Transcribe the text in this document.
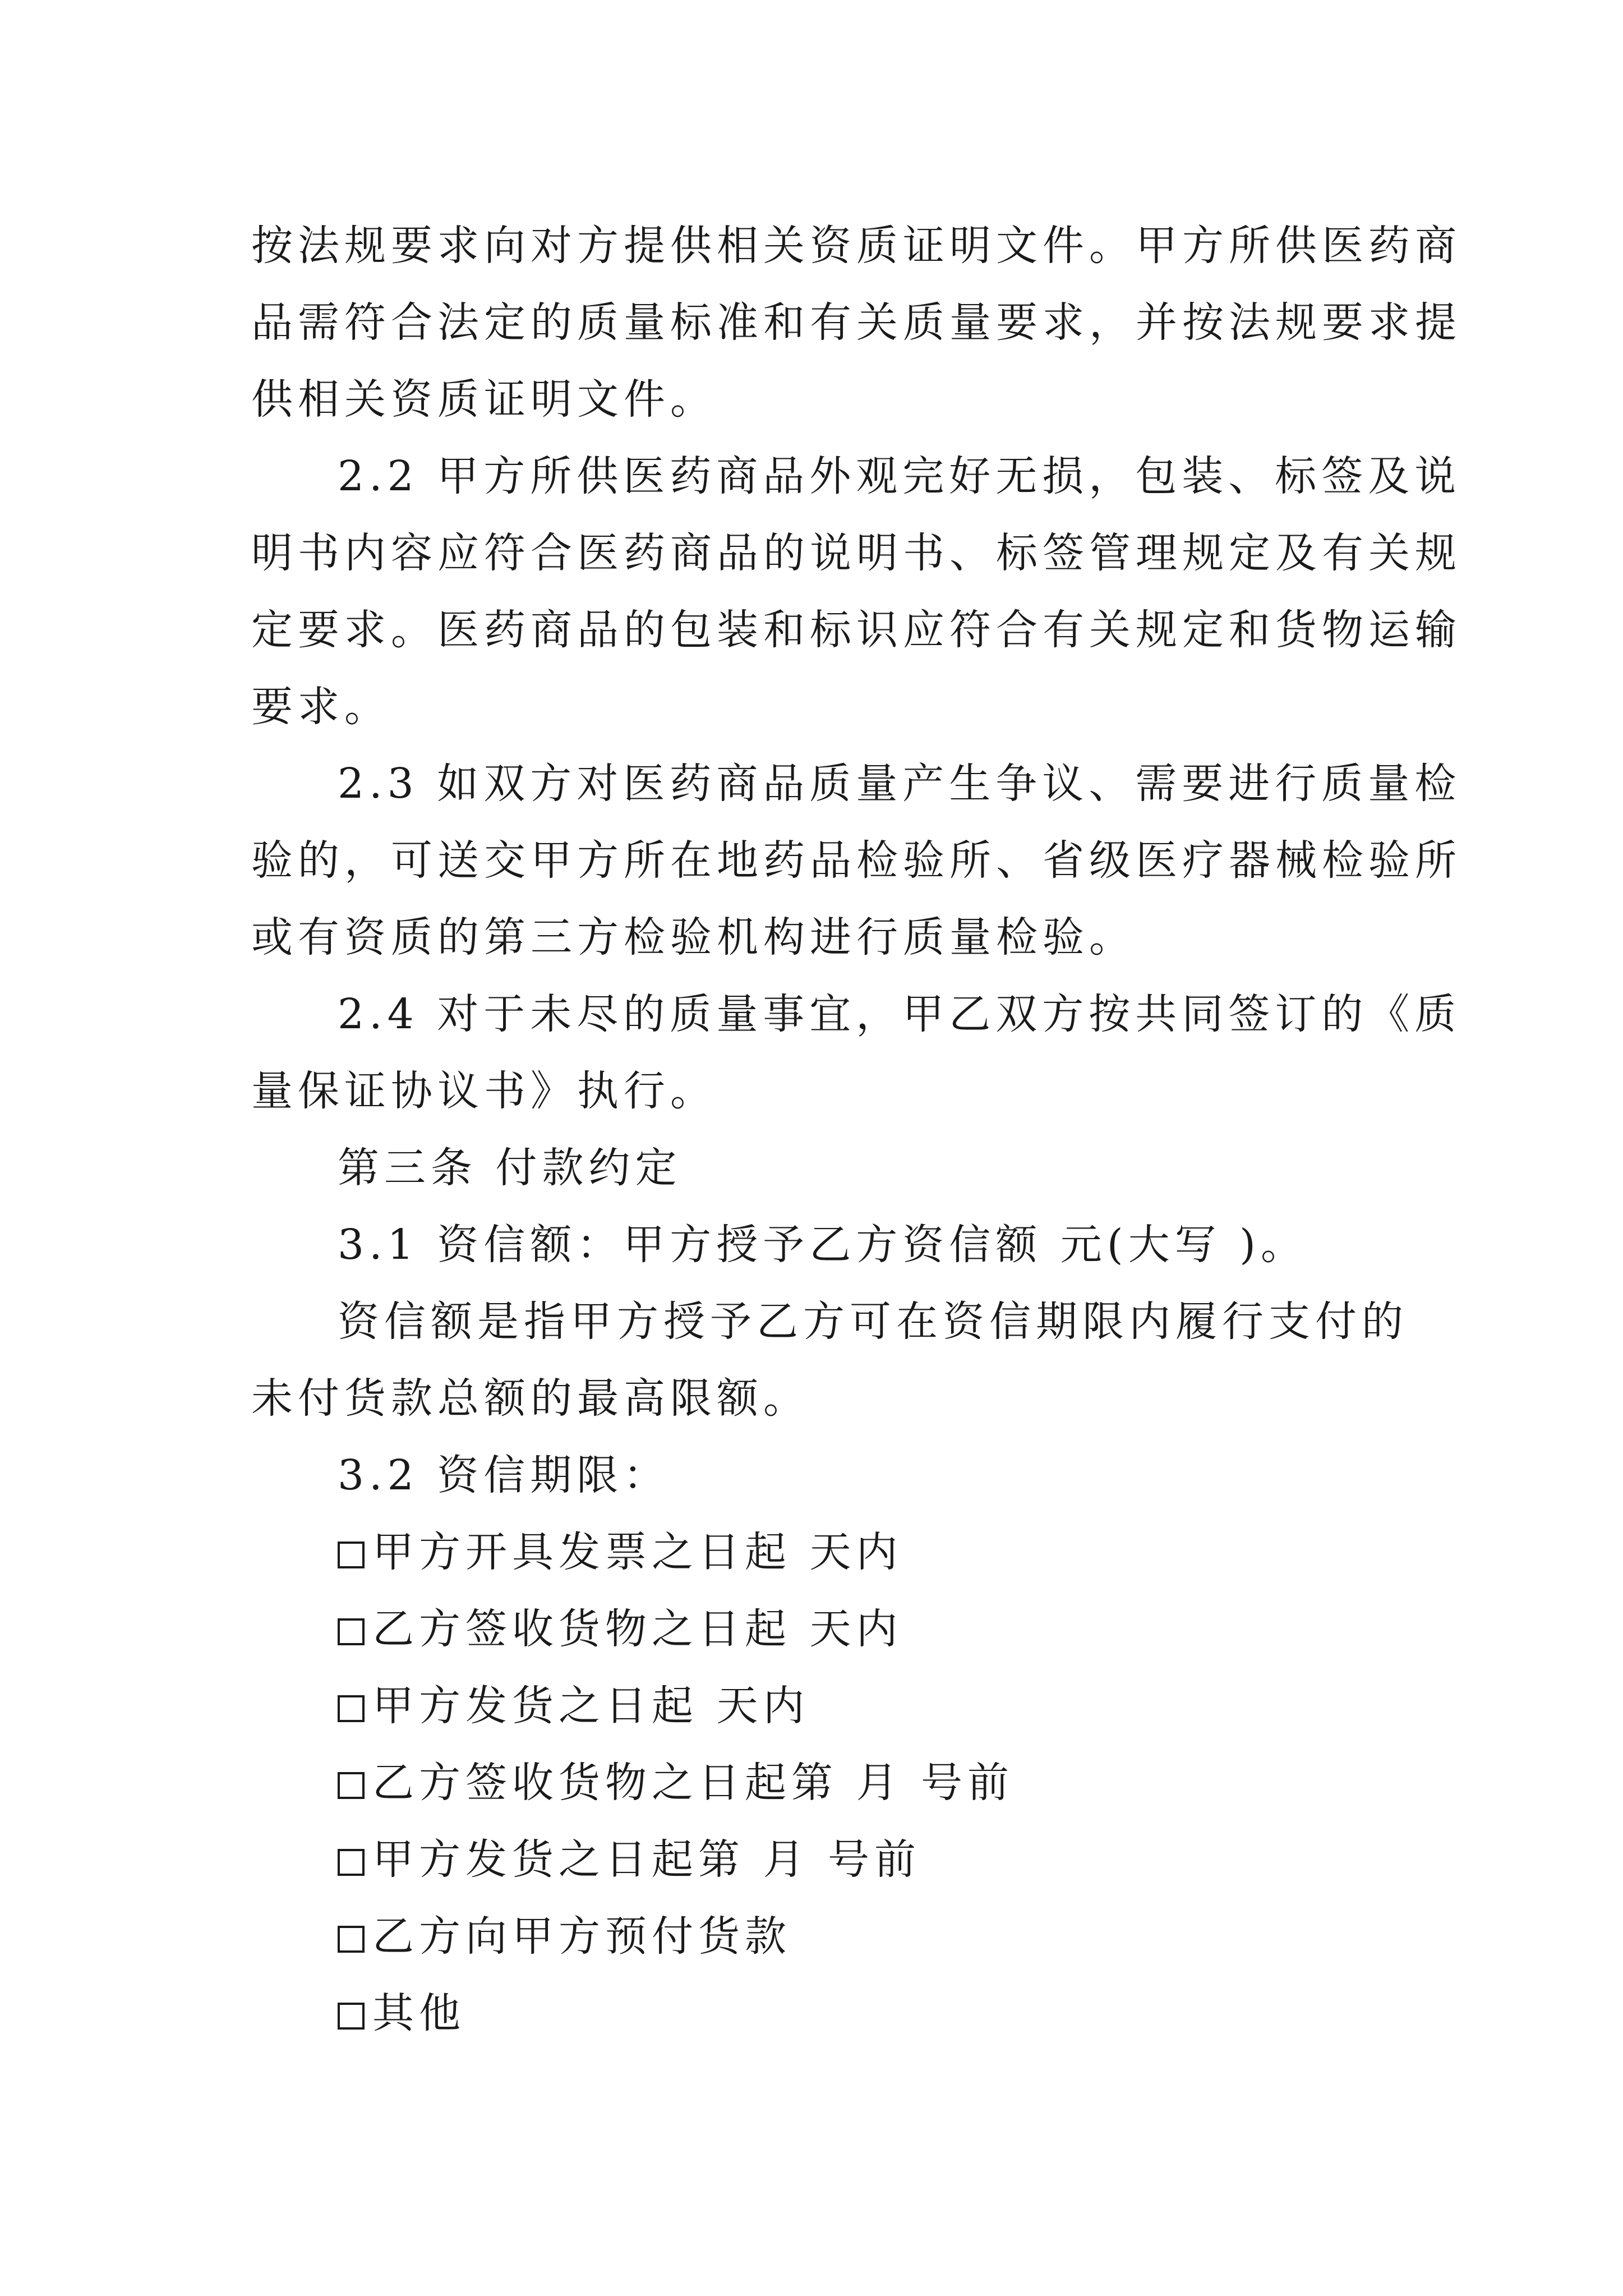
按法规要求向对方提供相关资质证明文件。甲方所供医药商
品需符合法定的质量标准和有关质量要求，并按法规要求提
供相关资质证明文件。
2.2 甲方所供医药商品外观完好无损，包装、标签及说
明书内容应符合医药商品的说明书、标签管理规定及有关规
定要求。医药商品的包装和标识应符合有关规定和货物运输
要求。
2.3 如双方对医药商品质量产生争议、需要进行质量检
验的，可送交甲方所在地药品检验所、省级医疗器械检验所
或有资质的第三方检验机构进行质量检验。
2.4 对于未尽的质量事宜，甲乙双方按共同签订的《质
量保证协议书》执行。
第三条 付款约定
3.1 资信额：甲方授予乙方资信额 元(大写 )。
资信额是指甲方授予乙方可在资信期限内履行支付的
未付货款总额的最高限额。
3.2 资信期限：
甲方开具发票之日起 天内
乙方签收货物之日起 天内
甲方发货之日起 天内
乙方签收货物之日起第 月 号前
甲方发货之日起第 月 号前
乙方向甲方预付货款
其他
